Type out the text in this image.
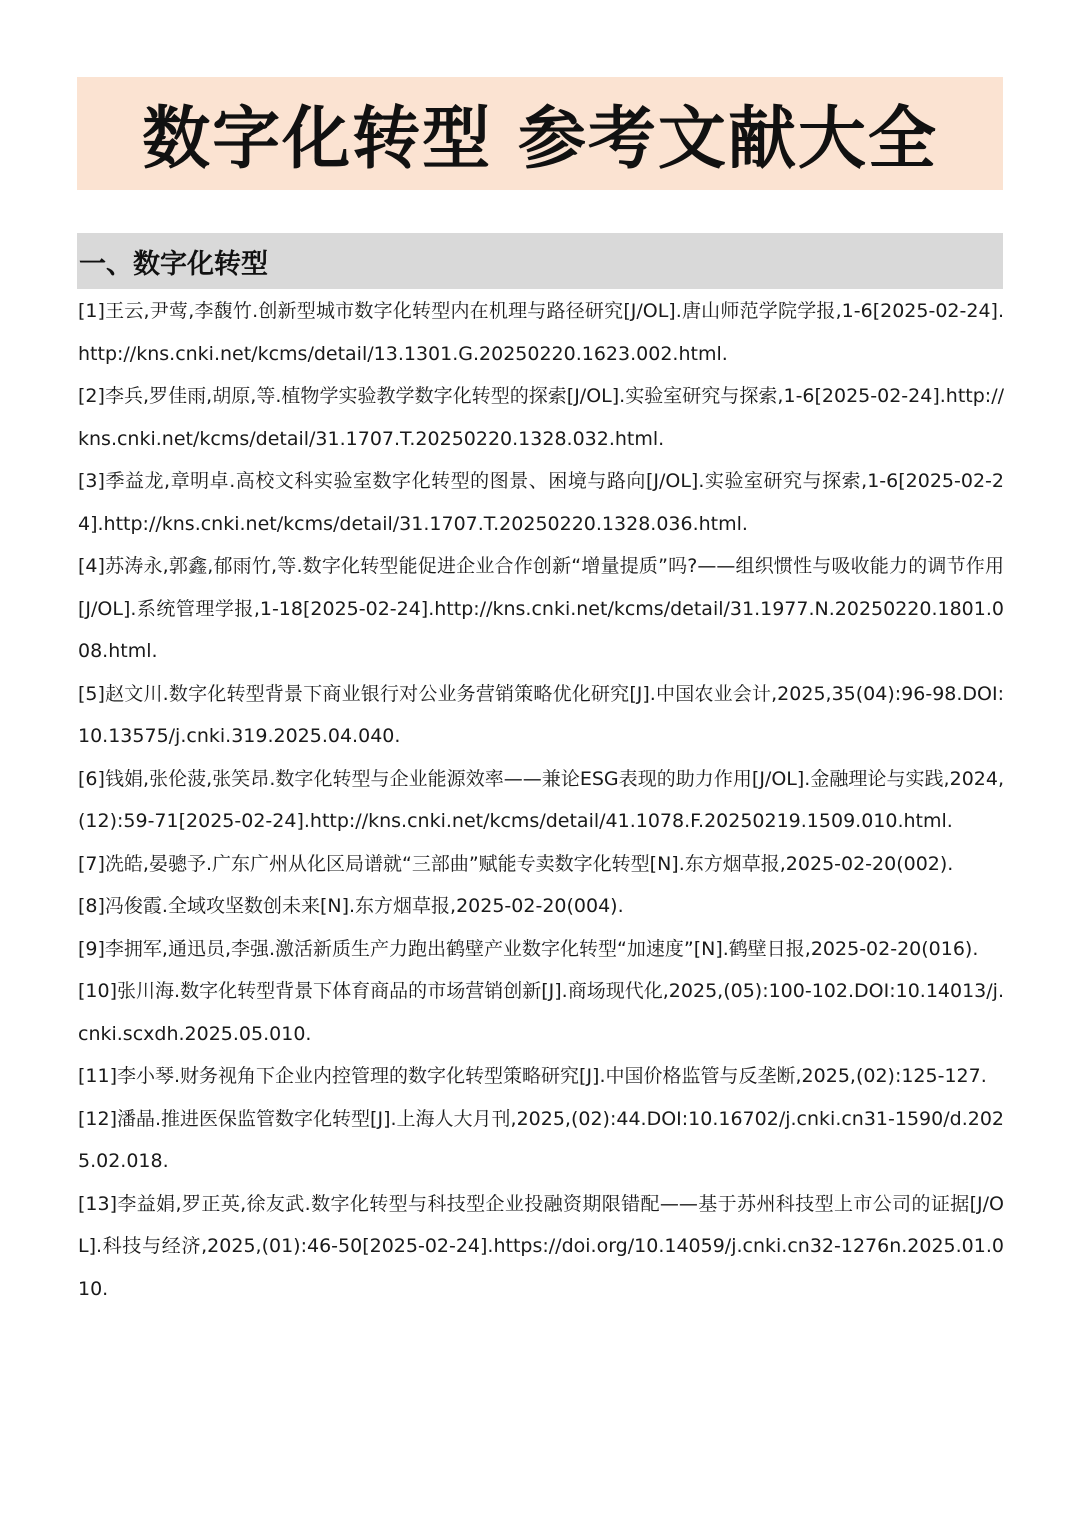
数字化转型 参考文献大全
一、数字化转型
[1]王云,尹莺,李馥竹.创新型城市数字化转型内在机理与路径研究[J/OL].唐山师范学院学报,1-6[2025-02-24].http://kns.cnki.net/kcms/detail/13.1301.G.20250220.1623.002.html.
[2]李兵,罗佳雨,胡原,等.植物学实验教学数字化转型的探索[J/OL].实验室研究与探索,1-6[2025-02-24].http://kns.cnki.net/kcms/detail/31.1707.T.20250220.1328.032.html.
[3]季益龙,章明卓.高校文科实验室数字化转型的图景、困境与路向[J/OL].实验室研究与探索,1-6[2025-02-24].http://kns.cnki.net/kcms/detail/31.1707.T.20250220.1328.036.html.
[4]苏涛永,郭鑫,郁雨竹,等.数字化转型能促进企业合作创新“增量提质”吗?——组织惯性与吸收能力的调节作用[J/OL].系统管理学报,1-18[2025-02-24].http://kns.cnki.net/kcms/detail/31.1977.N.20250220.1801.008.html.
[5]赵文川.数字化转型背景下商业银行对公业务营销策略优化研究[J].中国农业会计,2025,35(04):96-98.DOI:10.13575/j.cnki.319.2025.04.040.
[6]钱娟,张伦菠,张笑昂.数字化转型与企业能源效率——兼论ESG表现的助力作用[J/OL].金融理论与实践,2024,(12):59-71[2025-02-24].http://kns.cnki.net/kcms/detail/41.1078.F.20250219.1509.010.html.
[7]冼皓,晏骢予.广东广州从化区局谱就“三部曲”赋能专卖数字化转型[N].东方烟草报,2025-02-20(002).
[8]冯俊霞.全域攻坚数创未来[N].东方烟草报,2025-02-20(004).
[9]李拥军,通迅员,李强.激活新质生产力跑出鹤壁产业数字化转型“加速度”[N].鹤壁日报,2025-02-20(016).
[10]张川海.数字化转型背景下体育商品的市场营销创新[J].商场现代化,2025,(05):100-102.DOI:10.14013/j.cnki.scxdh.2025.05.010.
[11]李小琴.财务视角下企业内控管理的数字化转型策略研究[J].中国价格监管与反垄断,2025,(02):125-127.
[12]潘晶.推进医保监管数字化转型[J].上海人大月刊,2025,(02):44.DOI:10.16702/j.cnki.cn31-1590/d.2025.02.018.
[13]李益娟,罗正英,徐友武.数字化转型与科技型企业投融资期限错配——基于苏州科技型上市公司的证据[J/OL].科技与经济,2025,(01):46-50[2025-02-24].https://doi.org/10.14059/j.cnki.cn32-1276n.2025.01.010.
